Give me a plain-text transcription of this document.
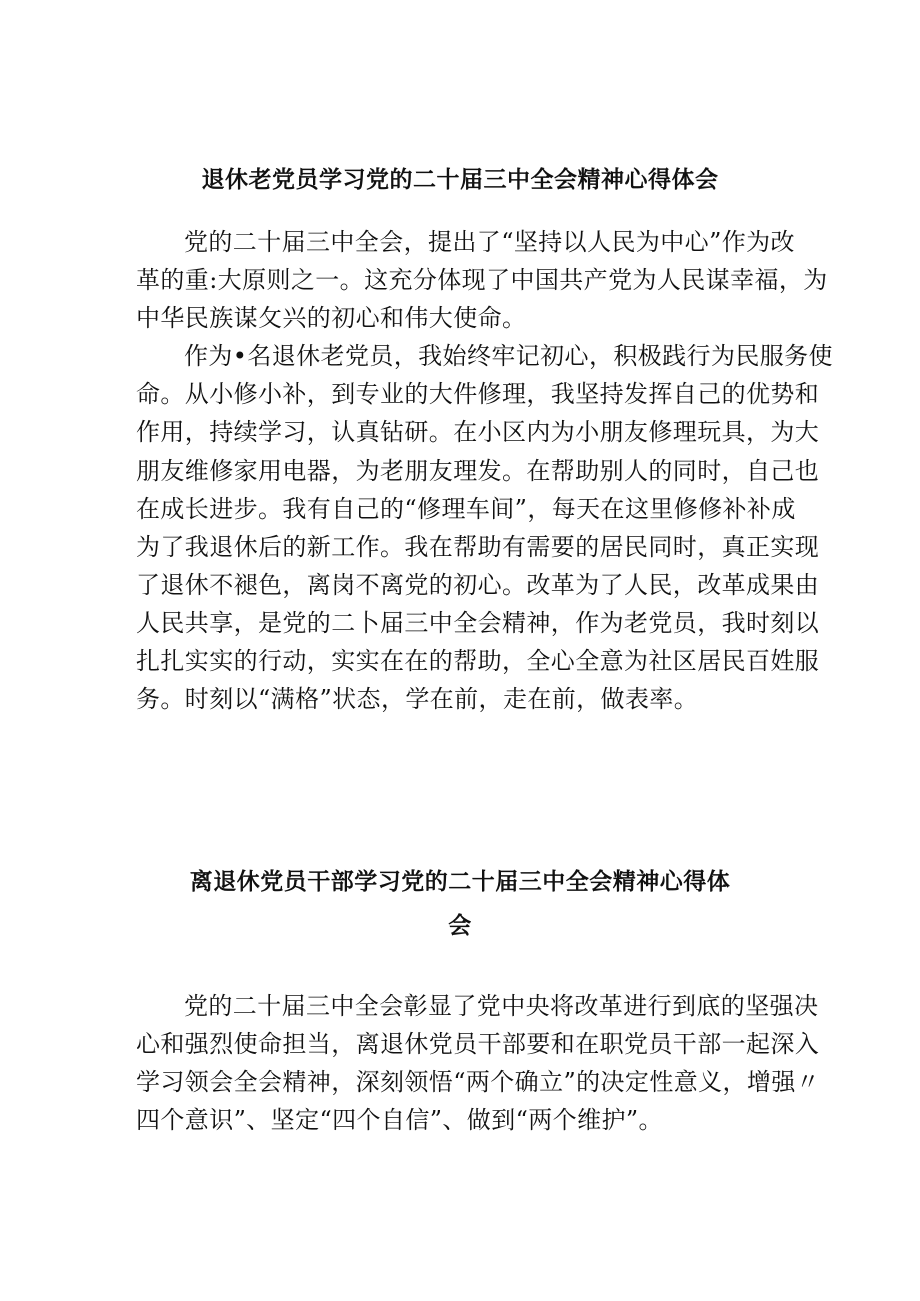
退休老党员学习党的二十届三中全会精神心得体会

党的二十届三中全会，提出了“坚持以人民为中心”作为改
革的重:大原则之一。这充分体现了中国共产党为人民谋幸福，为
中华民族谋攵兴的初心和伟大使命。

作为•名退休老党员，我始终牢记初心，积极践行为民服务使
命。从小修小补，到专业的大件修理，我坚持发挥自己的优势和
作用，持续学习，认真钻研。在小区内为小朋友修理玩具，为大
朋友维修家用电器，为老朋友理发。在帮助别人的同时，自己也
在成长进步。我有自己的“修理车间”，每天在这里修修补补成
为了我退休后的新工作。我在帮助有需要的居民同时，真正实现
了退休不褪色，离岗不离党的初心。改革为了人民，改革成果由
人民共享，是党的二卜届三中全会精神，作为老党员，我时刻以
扎扎实实的行动，实实在在的帮助，全心全意为社区居民百姓服
务。时刻以“满格”状态，学在前，走在前，做表率。

离退休党员干部学习党的二十届三中全会精神心得体
会

党的二十届三中全会彰显了党中央将改革进行到底的坚强决
心和强烈使命担当，离退休党员干部要和在职党员干部一起深入
学习领会全会精神，深刻领悟“两个确立”的决定性意义，增强〃
四个意识”、坚定“四个自信”、做到“两个维护”。
